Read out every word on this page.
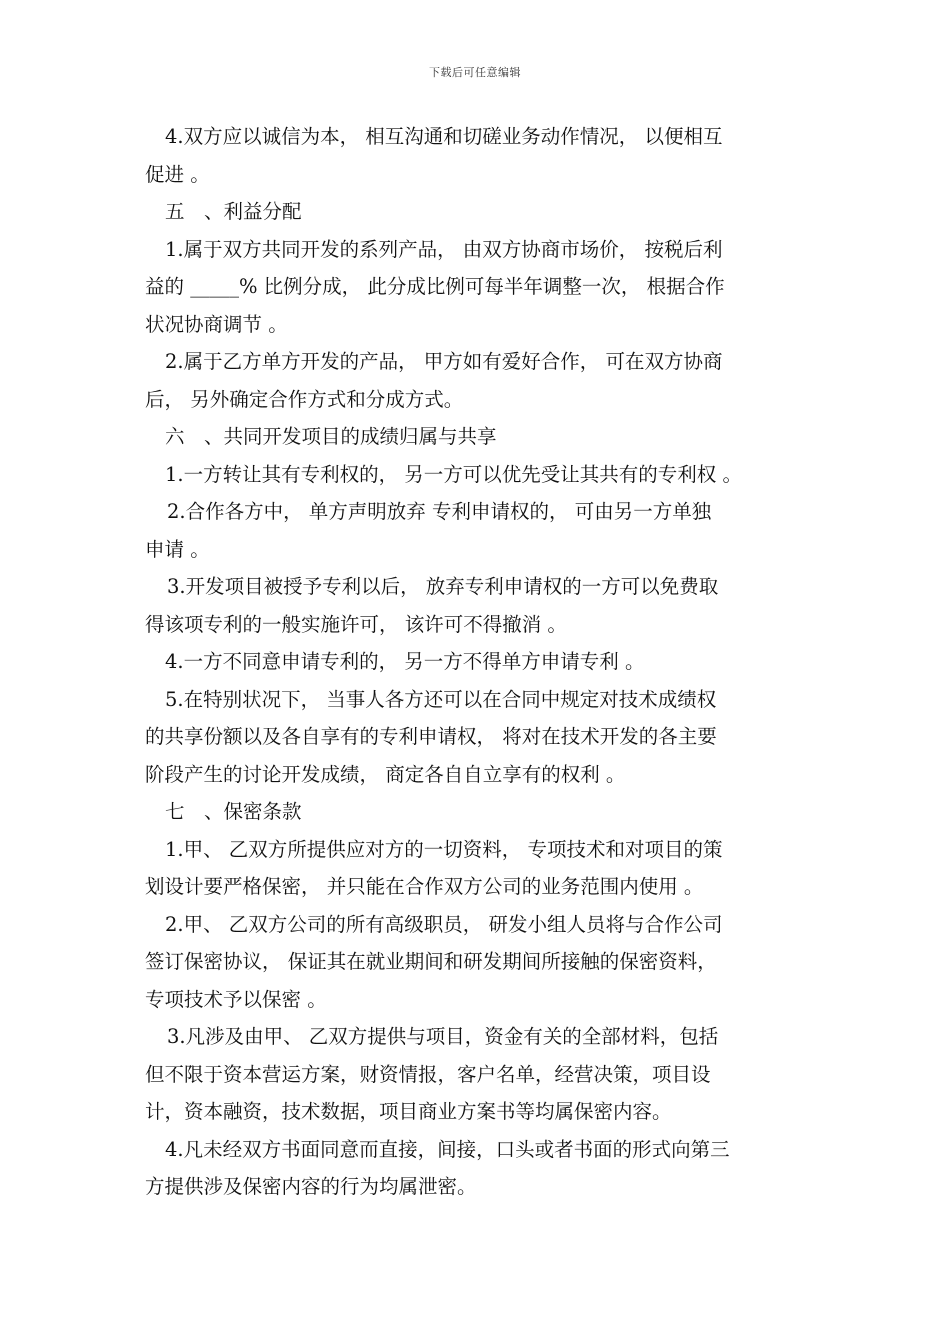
下载后可任意编辑
4.双方应以诚信为本， 相互沟通和切磋业务动作情况， 以便相互
促进 。
五　、利益分配
1.属于双方共同开发的系列产品， 由双方协商市场价， 按税后利
益的 _____% 比例分成， 此分成比例可每半年调整一次， 根据合作
状况协商调节 。
2.属于乙方单方开发的产品， 甲方如有爱好合作， 可在双方协商
后， 另外确定合作方式和分成方式。
六　、共同开发项目的成绩归属与共享
1.一方转让其有专利权的， 另一方可以优先受让其共有的专利权 。
2.合作各方中， 单方声明放弃 专利申请权的， 可由另一方单独
申请 。
3.开发项目被授予专利以后， 放弃专利申请权的一方可以免费取
得该项专利的一般实施许可， 该许可不得撤消 。
4.一方不同意申请专利的， 另一方不得单方申请专利 。
5.在特别状况下， 当事人各方还可以在合同中规定对技术成绩权
的共享份额以及各自享有的专利申请权， 将对在技术开发的各主要
阶段产生的讨论开发成绩， 商定各自自立享有的权利 。
七　、保密条款
1.甲、 乙双方所提供应对方的一切资料， 专项技术和对项目的策
划设计要严格保密， 并只能在合作双方公司的业务范围内使用 。
2.甲、 乙双方公司的所有高级职员， 研发小组人员将与合作公司
签订保密协议， 保证其在就业期间和研发期间所接触的保密资料，
专项技术予以保密 。
3.凡涉及由甲、 乙双方提供与项目，资金有关的全部材料，包括
但不限于资本营运方案，财资情报，客户名单，经营决策，项目设
计，资本融资，技术数据，项目商业方案书等均属保密内容。
4.凡未经双方书面同意而直接，间接，口头或者书面的形式向第三
方提供涉及保密内容的行为均属泄密。
